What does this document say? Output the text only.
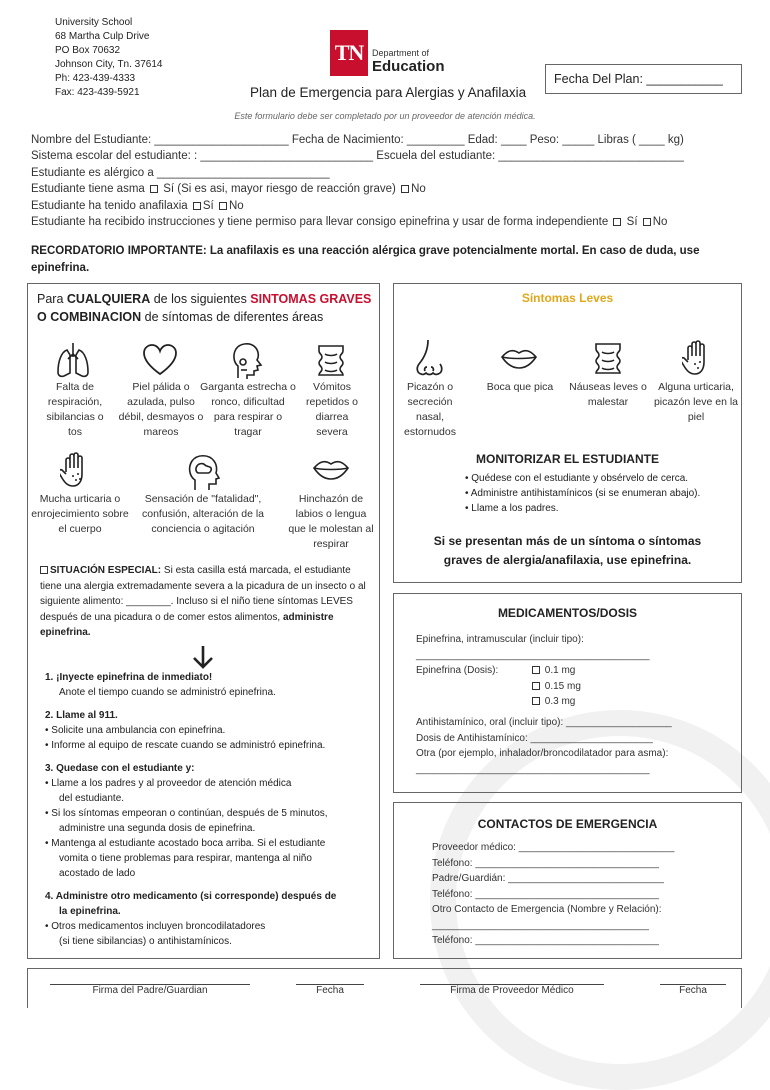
University School
68 Martha Culp Drive
PO Box 70632
Johnson City, Tn. 37614
Ph: 423-439-4333
Fax: 423-439-5921
TN Department of
Education
Fecha Del Plan: ___________
Plan de Emergencia para Alergias y Anafilaxia
Este formulario debe ser completado por un proveedor de atención médica.
Nombre del Estudiante: _____________________ Fecha de Nacimiento: _________ Edad: ____ Peso: _____ Libras ( ____ kg)
Sistema escolar del estudiante: : ___________________________ Escuela del estudiante: _____________________________
Estudiante es alérgico a ___________________________
Estudiante tiene asma Sí (Si es asi, mayor riesgo de reacción grave) No
Estudiante ha tenido anafilaxia Sí No
Estudiante ha recibido instrucciones y tiene permiso para llevar consigo epinefrina y usar de forma independiente Sí No
RECORDATORIO IMPORTANTE: La anafilaxis es una reacción alérgica grave potencialmente mortal. En caso de duda, use epinefrina.
Para CUALQUIERA de los siguientes SINTOMAS GRAVES
O COMBINACION de síntomas de diferentes áreas
Falta de respiración, sibilancias o tos
Piel pálida o azulada, pulso débil, desmayos o mareos
Garganta estrecha o ronco, dificultad para respirar o tragar
Vómitos repetidos o diarrea severa
Mucha urticaria o enrojecimiento sobre el cuerpo
Sensación de "fatalidad", confusión, alteración de la conciencia o agitación
Hinchazón de labios o lengua que le molestan al respirar
SITUACIÓN ESPECIAL: Si esta casilla está marcada, el estudiante tiene una alergia extremadamente severa a la picadura de un insecto o al siguiente alimento: ________. Incluso si el niño tiene síntomas LEVES después de una picadura o de comer estos alimentos, administre epinefrina.
1. ¡Inyecte epinefrina de inmediato!
Anote el tiempo cuando se administró epinefrina.
2. Llame al 911.
• Solicite una ambulancia con epinefrina.
• Informe al equipo de rescate cuando se administró epinefrina.
3. Quedase con el estudiante y:
• Llame a los padres y al proveedor de atención médica
del estudiante.
• Si los síntomas empeoran o continúan, después de 5 minutos,
administre una segunda dosis de epinefrina.
• Mantenga al estudiante acostado boca arriba. Si el estudiante
vomita o tiene problemas para respirar, mantenga al niño
acostado de lado
4. Administre otro medicamento (si corresponde) después de
la epinefrina.
• Otros medicamentos incluyen broncodilatadores
(si tiene sibilancias) o antihistamínicos.
Síntomas Leves
Picazón o secreción nasal, estornudos
Boca que pica	Náuseas leves o malestar
Alguna urticaria, picazón leve en la piel
MONITORIZAR EL ESTUDIANTE
• Quédese con el estudiante y obsérvelo de cerca.
• Administre antihistamínicos (si se enumeran abajo).
• Llame a los padres.
Si se presentan más de un síntoma o síntomas
graves de alergia/anafilaxia, use epinefrina.
MEDICAMENTOS/DOSIS
Epinefrina, intramuscular (incluir tipo):
__________________________________________
Epinefrina (Dosis):	0.1 mg
0.15 mg
0.3 mg
Antihistamínico, oral (incluir tipo): ___________________
Dosis de Antihistamínico: ______________________
Otra (por ejemplo, inhalador/broncodilatador para asma):
__________________________________________
CONTACTOS DE EMERGENCIA
Proveedor médico: ____________________________
Teléfono: _________________________________
Padre/Guardián: ____________________________
Teléfono: _________________________________
Otro Contacto de Emergencia (Nombre y Relación):
_______________________________________
Teléfono: _________________________________
Firma del Padre/Guardian	Fecha	Firma de Proveedor Médico	Fecha
